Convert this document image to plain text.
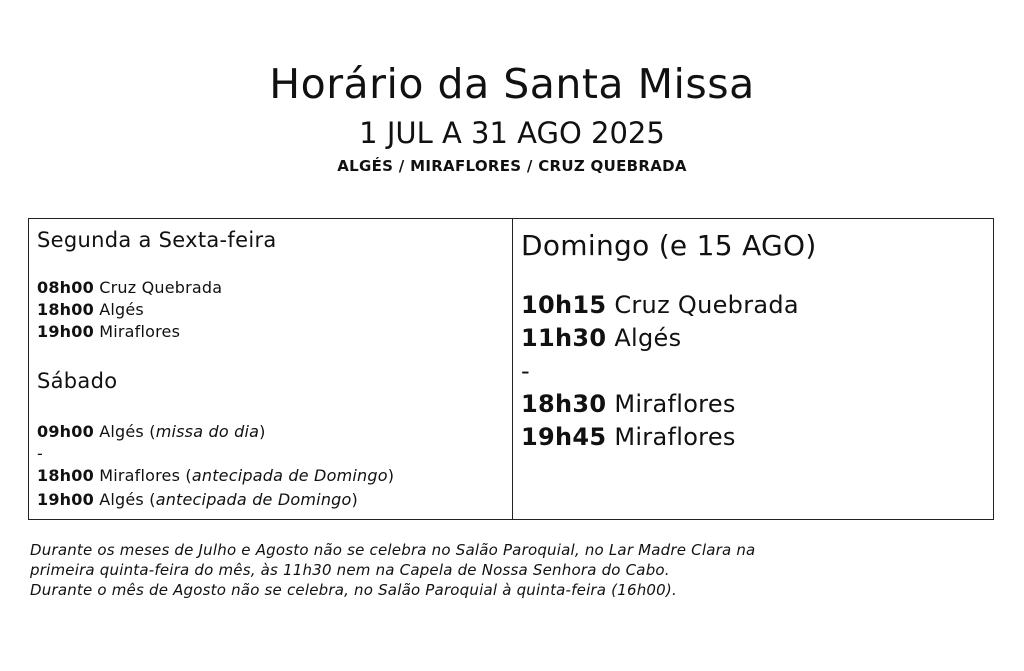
Horário da Santa Missa
1 JUL A 31 AGO 2025
ALGÉS / MIRAFLORES / CRUZ QUEBRADA
Segunda a Sexta-feira
08h00 Cruz Quebrada
18h00 Algés
19h00 Miraflores
Sábado
09h00 Algés (missa do dia)
-
18h00 Miraflores (antecipada de Domingo)
19h00 Algés (antecipada de Domingo)
Domingo (e 15 AGO)
10h15 Cruz Quebrada
11h30 Algés
-
18h30 Miraflores
19h45 Miraflores
Durante os meses de Julho e Agosto não se celebra no Salão Paroquial, no Lar Madre Clara na
primeira quinta-feira do mês, às 11h30 nem na Capela de Nossa Senhora do Cabo.
Durante o mês de Agosto não se celebra, no Salão Paroquial à quinta-feira (16h00).
